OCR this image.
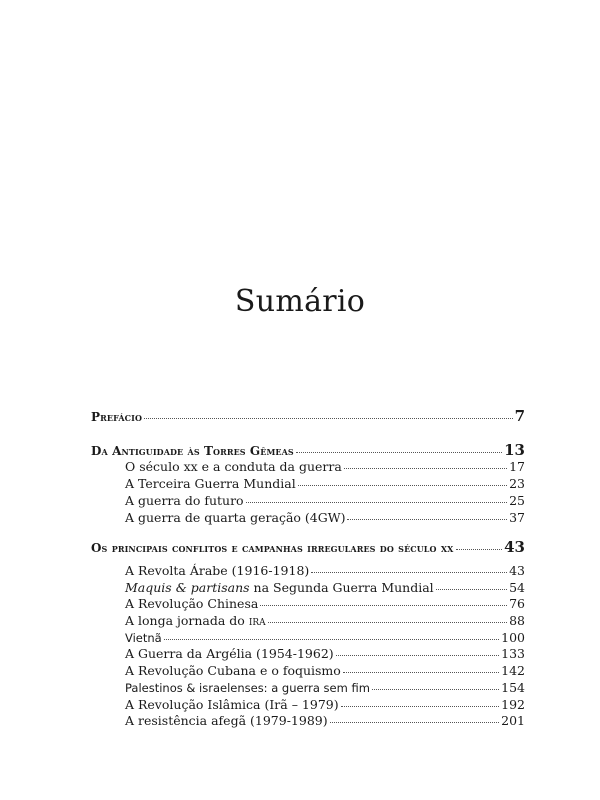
Sumário
Prefácio	7
Da Antiguidade às Torres Gêmeas	13
O século xx e a conduta da guerra	17
A Terceira Guerra Mundial	23
A guerra do futuro	25
A guerra de quarta geração (4GW)	37
Os principais conflitos e campanhas irregulares do século xx	43
A Revolta Árabe (1916-1918)	43
Maquis & partisans na Segunda Guerra Mundial	54
A Revolução Chinesa	76
A longa jornada do ira	88
Vietnã	100
A Guerra da Argélia (1954-1962)	133
A Revolução Cubana e o foquismo	142
Palestinos & israelenses: a guerra sem fim	154
A Revolução Islâmica (Irã – 1979)	192
A resistência afegã (1979-1989)	201
